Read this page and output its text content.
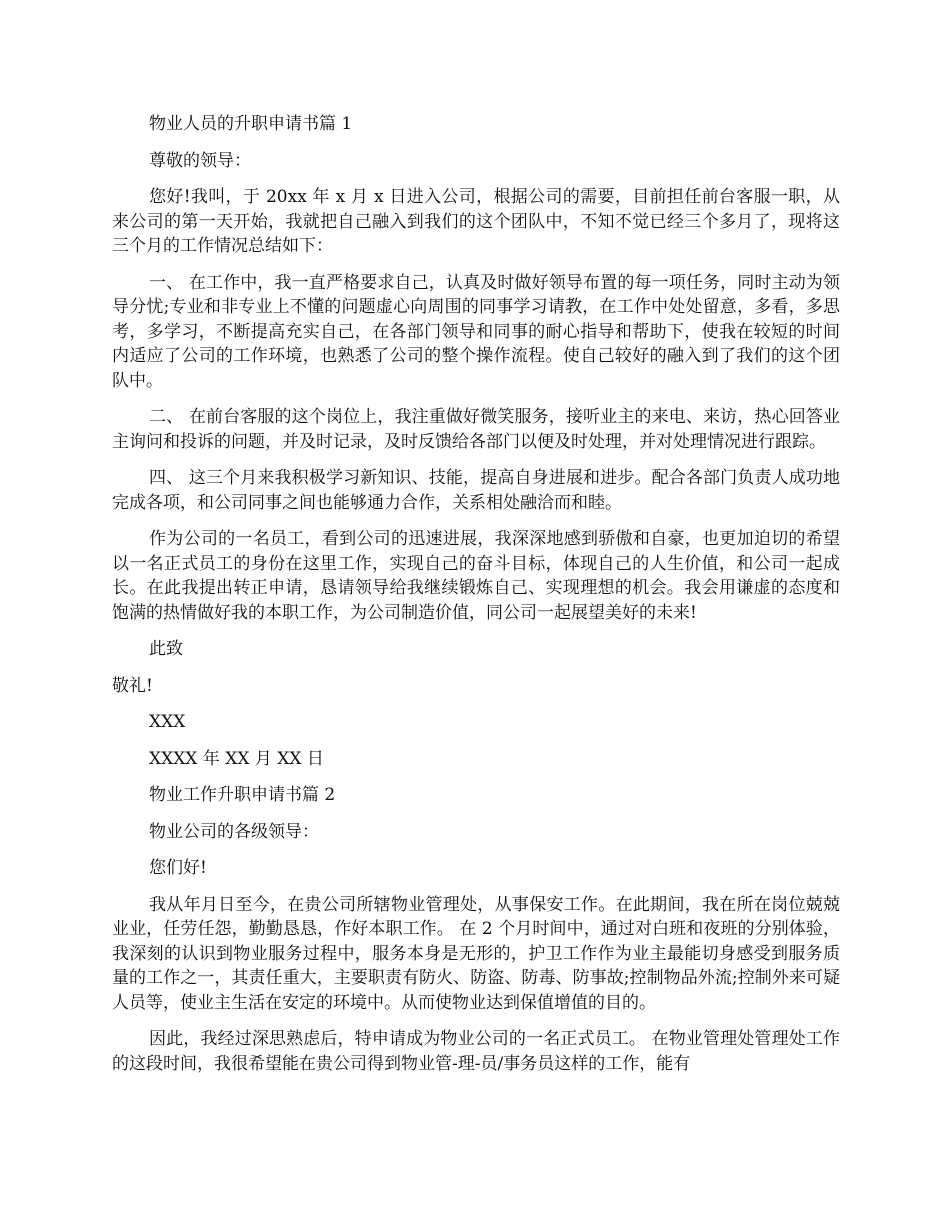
物业人员的升职申请书篇 1

尊敬的领导：

您好!我叫，于 20xx 年 x 月 x 日进入公司，根据公司的需要，目前担任前台客服一职，从来公司的第一天开始，我就把自己融入到我们的这个团队中，不知不觉已经三个多月了，现将这三个月的工作情况总结如下：

一、 在工作中，我一直严格要求自己，认真及时做好领导布置的每一项任务，同时主动为领导分忧;专业和非专业上不懂的问题虚心向周围的同事学习请教，在工作中处处留意，多看，多思考，多学习，不断提高充实自己，在各部门领导和同事的耐心指导和帮助下，使我在较短的时间内适应了公司的工作环境，也熟悉了公司的整个操作流程。使自己较好的融入到了我们的这个团队中。

二、 在前台客服的这个岗位上，我注重做好微笑服务，接听业主的来电、来访，热心回答业主询问和投诉的问题，并及时记录，及时反馈给各部门以便及时处理，并对处理情况进行跟踪。

四、 这三个月来我积极学习新知识、技能，提高自身进展和进步。配合各部门负责人成功地完成各项，和公司同事之间也能够通力合作，关系相处融洽而和睦。

作为公司的一名员工，看到公司的迅速进展，我深深地感到骄傲和自豪，也更加迫切的希望以一名正式员工的身份在这里工作，实现自己的奋斗目标，体现自己的人生价值，和公司一起成长。在此我提出转正申请，恳请领导给我继续锻炼自己、实现理想的机会。我会用谦虚的态度和饱满的热情做好我的本职工作，为公司制造价值，同公司一起展望美好的未来!

此致

敬礼!

XXX

XXXX 年 XX 月 XX 日

物业工作升职申请书篇 2

物业公司的各级领导：

您们好!

我从年月日至今，在贵公司所辖物业管理处，从事保安工作。在此期间，我在所在岗位兢兢业业，任劳任怨，勤勤恳恳，作好本职工作。 在 2 个月时间中，通过对白班和夜班的分别体验，我深刻的认识到物业服务过程中，服务本身是无形的，护卫工作作为业主最能切身感受到服务质量的工作之一，其责任重大，主要职责有防火、防盗、防毒、防事故;控制物品外流;控制外来可疑人员等，使业主生活在安定的环境中。从而使物业达到保值增值的目的。

因此，我经过深思熟虑后，特申请成为物业公司的一名正式员工。 在物业管理处管理处工作的这段时间，我很希望能在贵公司得到物业管-理-员/事务员这样的工作，能有
